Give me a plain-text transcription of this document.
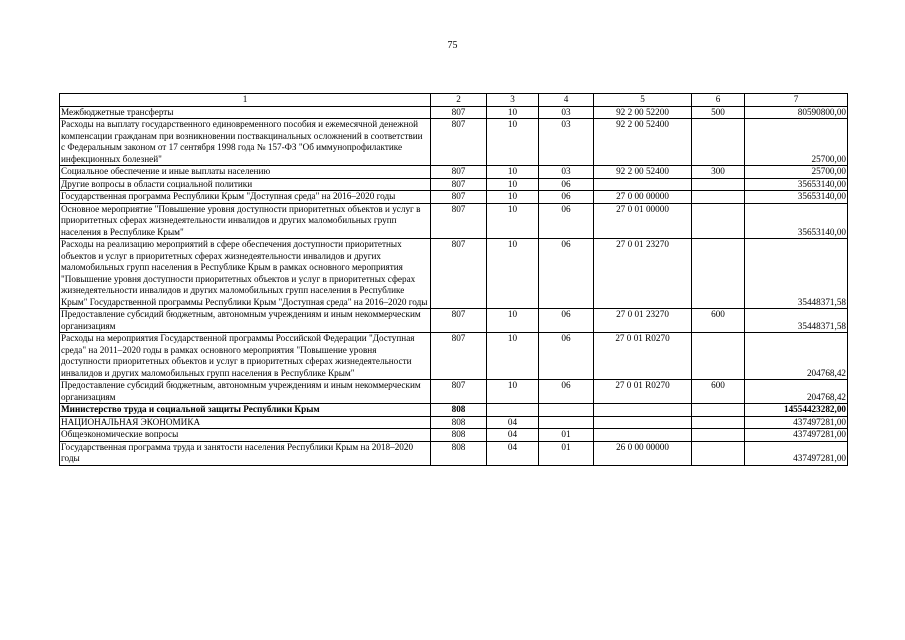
75
1	2	3	4	5	6	7
Межбюджетные трансферты	807	10	03	92 2 00 52200	500	80590800,00
Расходы на выплату государственного единовременного пособия и ежемесячной денежной компенсации гражданам при возникновении поствакцинальных осложнений в соответствии с Федеральным законом от 17 сентября 1998 года № 157-ФЗ "Об иммунопрофилактике инфекционных болезней"	807	10	03	92 2 00 52400		25700,00
Социальное обеспечение и иные выплаты населению	807	10	03	92 2 00 52400	300	25700,00
Другие вопросы в области социальной политики	807	10	06			35653140,00
Государственная программа Республики Крым "Доступная среда" на 2016–2020 годы	807	10	06	27 0 00 00000		35653140,00
Основное мероприятие "Повышение уровня доступности приоритетных объектов и услуг в приоритетных сферах жизнедеятельности инвалидов и других маломобильных групп населения в Республике Крым"	807	10	06	27 0 01 00000		35653140,00
Расходы на реализацию мероприятий в сфере обеспечения доступности приоритетных объектов и услуг в приоритетных сферах жизнедеятельности инвалидов и других маломобильных групп населения в Республике Крым в рамках основного мероприятия "Повышение уровня доступности приоритетных объектов и услуг в приоритетных сферах жизнедеятельности инвалидов и других маломобильных групп населения в Республике Крым" Государственной программы Республики Крым "Доступная среда" на 2016–2020 годы	807	10	06	27 0 01 23270		35448371,58
Предоставление субсидий бюджетным, автономным учреждениям и иным некоммерческим организациям	807	10	06	27 0 01 23270	600	35448371,58
Расходы на мероприятия Государственной программы Российской Федерации "Доступная среда" на 2011–2020 годы в рамках основного мероприятия "Повышение уровня доступности приоритетных объектов и услуг в приоритетных сферах жизнедеятельности инвалидов и других маломобильных групп населения в Республике Крым"	807	10	06	27 0 01 R0270		204768,42
Предоставление субсидий бюджетным, автономным учреждениям и иным некоммерческим организациям	807	10	06	27 0 01 R0270	600	204768,42
Министерство труда и социальной защиты Республики Крым	808					14554423282,00
НАЦИОНАЛЬНАЯ ЭКОНОМИКА	808	04				437497281,00
Общеэкономические вопросы	808	04	01			437497281,00
Государственная программа труда и занятости населения Республики Крым на 2018–2020 годы	808	04	01	26 0 00 00000		437497281,00
